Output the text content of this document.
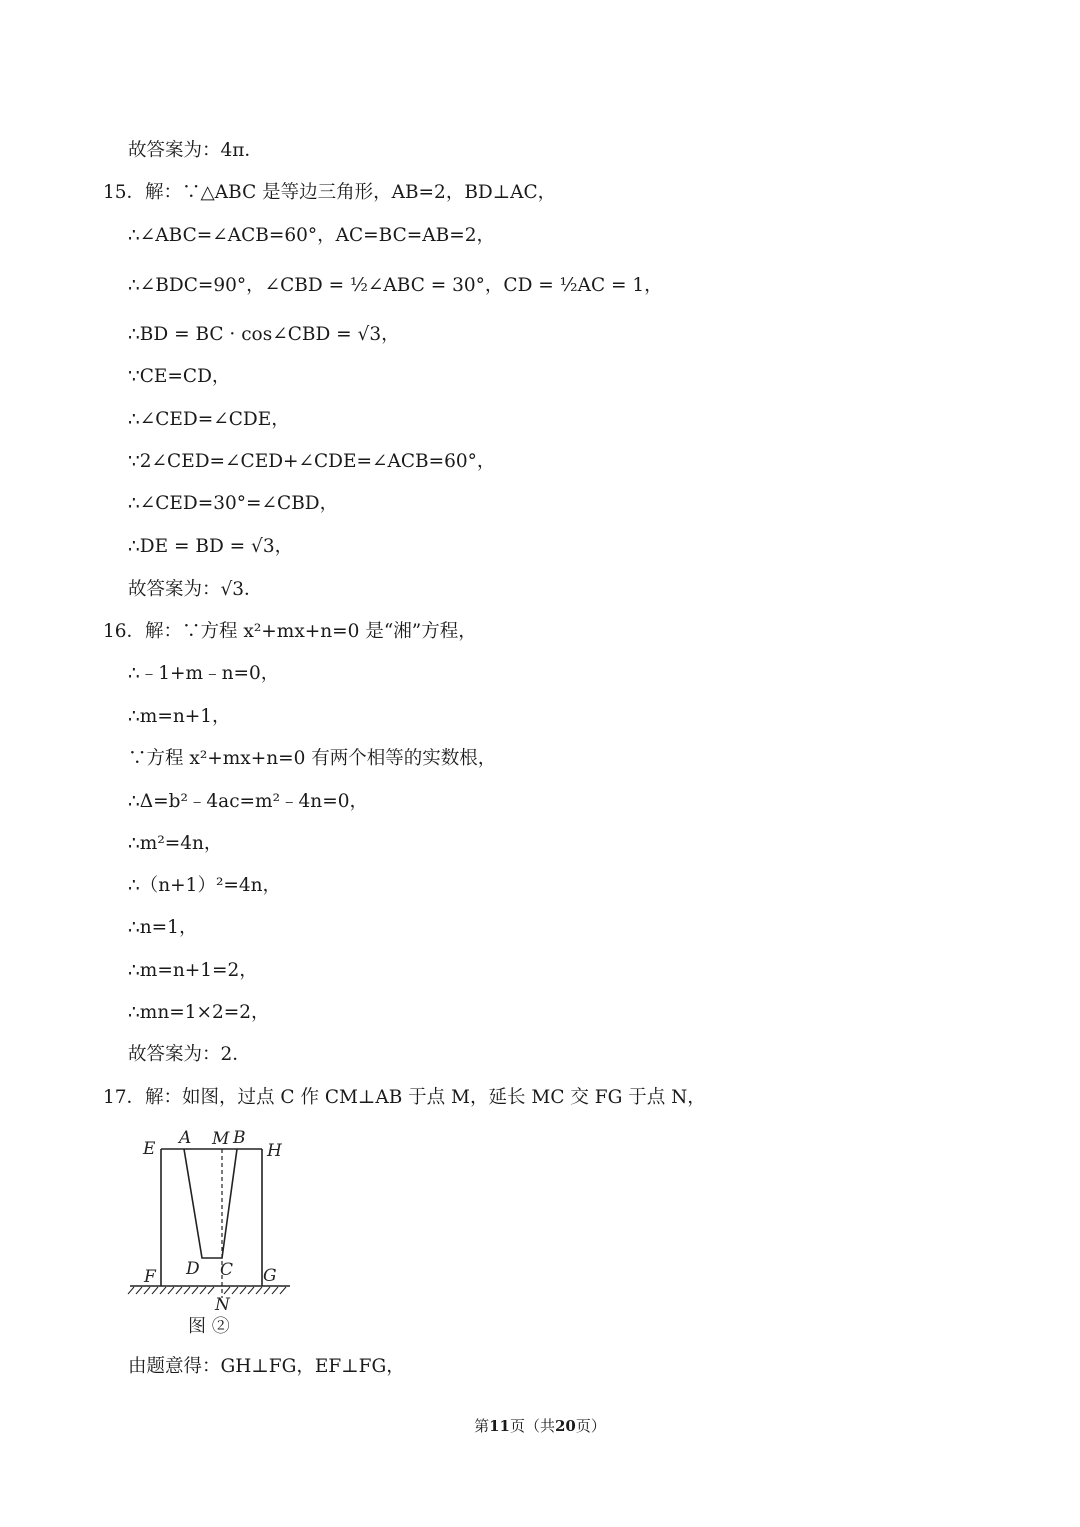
故答案为：4π．
15．解：∵△ABC 是等边三角形，AB=2，BD⊥AC，
∴∠ABC=∠ACB=60°，AC=BC=AB=2，
∴∠BDC=90°，∠CBD = ½∠ABC = 30°，CD = ½AC = 1，
∴BD = BC · cos∠CBD = √3，
∵CE=CD，
∴∠CED=∠CDE，
∵2∠CED=∠CED+∠CDE=∠ACB=60°，
∴∠CED=30°=∠CBD，
∴DE = BD = √3，
故答案为：√3．
16．解：∵方程 x²+mx+n=0 是“湘”方程，
∴﹣1+m﹣n=0，
∴m=n+1，
∵方程 x²+mx+n=0 有两个相等的实数根，
∴Δ=b²﹣4ac=m²﹣4n=0，
∴m²=4n，
∴（n+1）²=4n，
∴n=1，
∴m=n+1=2，
∴mn=1×2=2，
故答案为：2．
17．解：如图，过点 C 作 CM⊥AB 于点 M，延长 MC 交 FG 于点 N，
E
A M B
H
F D C G
N
图 ②
由题意得：GH⊥FG，EF⊥FG，
第11页（共20页）
